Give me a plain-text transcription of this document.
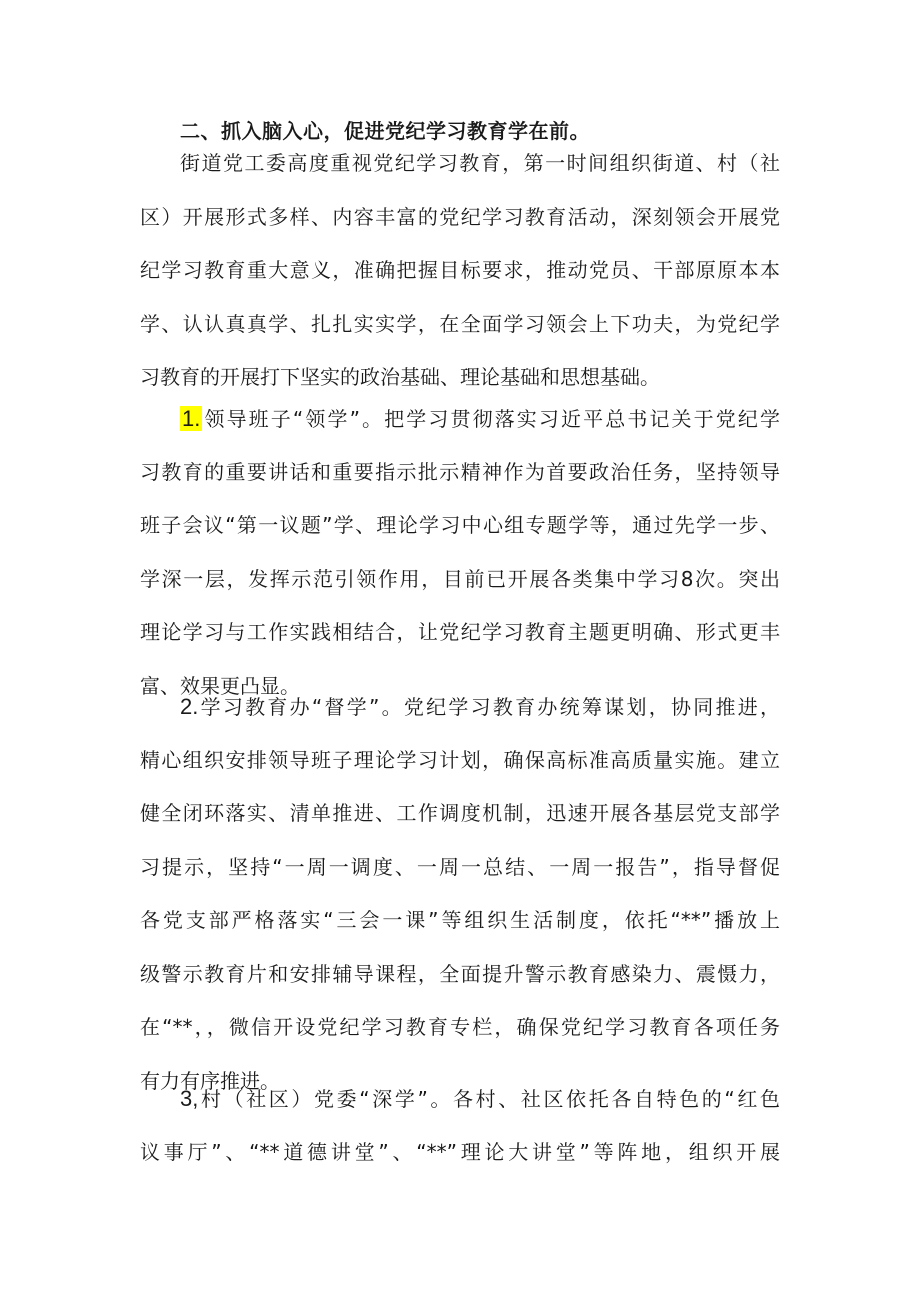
二、抓入脑入心，促进党纪学习教育学在前。
街道党工委高度重视党纪学习教育，第一时间组织街道、村（社
区）开展形式多样、内容丰富的党纪学习教育活动，深刻领会开展党
纪学习教育重大意义，准确把握目标要求，推动党员、干部原原本本
学、认认真真学、扎扎实实学，在全面学习领会上下功夫，为党纪学
习教育的开展打下坚实的政治基础、理论基础和思想基础。
1. 领导班子“领学”。把学习贯彻落实习近平总书记关于党纪学
习教育的重要讲话和重要指示批示精神作为首要政治任务，坚持领导
班子会议“第一议题”学、理论学习中心组专题学等，通过先学一步、
学深一层，发挥示范引领作用，目前已开展各类集中学习8次。突出
理论学习与工作实践相结合，让党纪学习教育主题更明确、形式更丰
富、效果更凸显。
2.学习教育办“督学”。党纪学习教育办统筹谋划，协同推进，
精心组织安排领导班子理论学习计划，确保高标准高质量实施。建立
健全闭环落实、清单推进、工作调度机制，迅速开展各基层党支部学
习提示，坚持“一周一调度、一周一总结、一周一报告”，指导督促
各党支部严格落实“三会一课”等组织生活制度，依托“**”播放上
级警示教育片和安排辅导课程，全面提升警示教育感染力、震慑力，
在“**，，微信开设党纪学习教育专栏，确保党纪学习教育各项任务
有力有序推进。
3,村（社区）党委“深学”。各村、社区依托各自特色的“红色
议事厅”、“**道德讲堂”、“**”理论大讲堂”等阵地，组织开展
